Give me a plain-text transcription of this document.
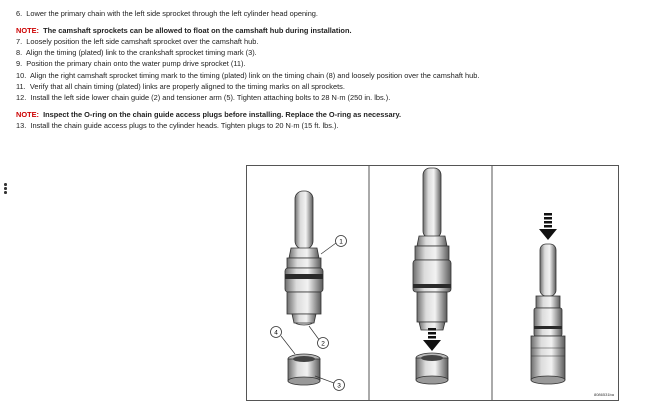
6. Lower the primary chain with the left side sprocket through the left cylinder head opening.
NOTE: The camshaft sprockets can be allowed to float on the camshaft hub during installation.
7. Loosely position the left side camshaft sprocket over the camshaft hub.
8. Align the timing (plated) link to the crankshaft sprocket timing mark (3).
9. Position the primary chain onto the water pump drive sprocket (11).
10. Align the right camshaft sprocket timing mark to the timing (plated) link on the timing chain (8) and loosely position over the camshaft hub.
11. Verify that all chain timing (plated) links are properly aligned to the timing marks on all sprockets.
12. Install the left side lower chain guide (2) and tensioner arm (5). Tighten attaching bolts to 28 N·m (250 in. lbs.).
NOTE: Inspect the O-ring on the chain guide access plugs before installing. Replace the O-ring as necessary.
13. Install the chain guide access plugs to the cylinder heads. Tighten plugs to 20 N·m (15 ft. lbs.).
1
2
3
4
8086531ba
